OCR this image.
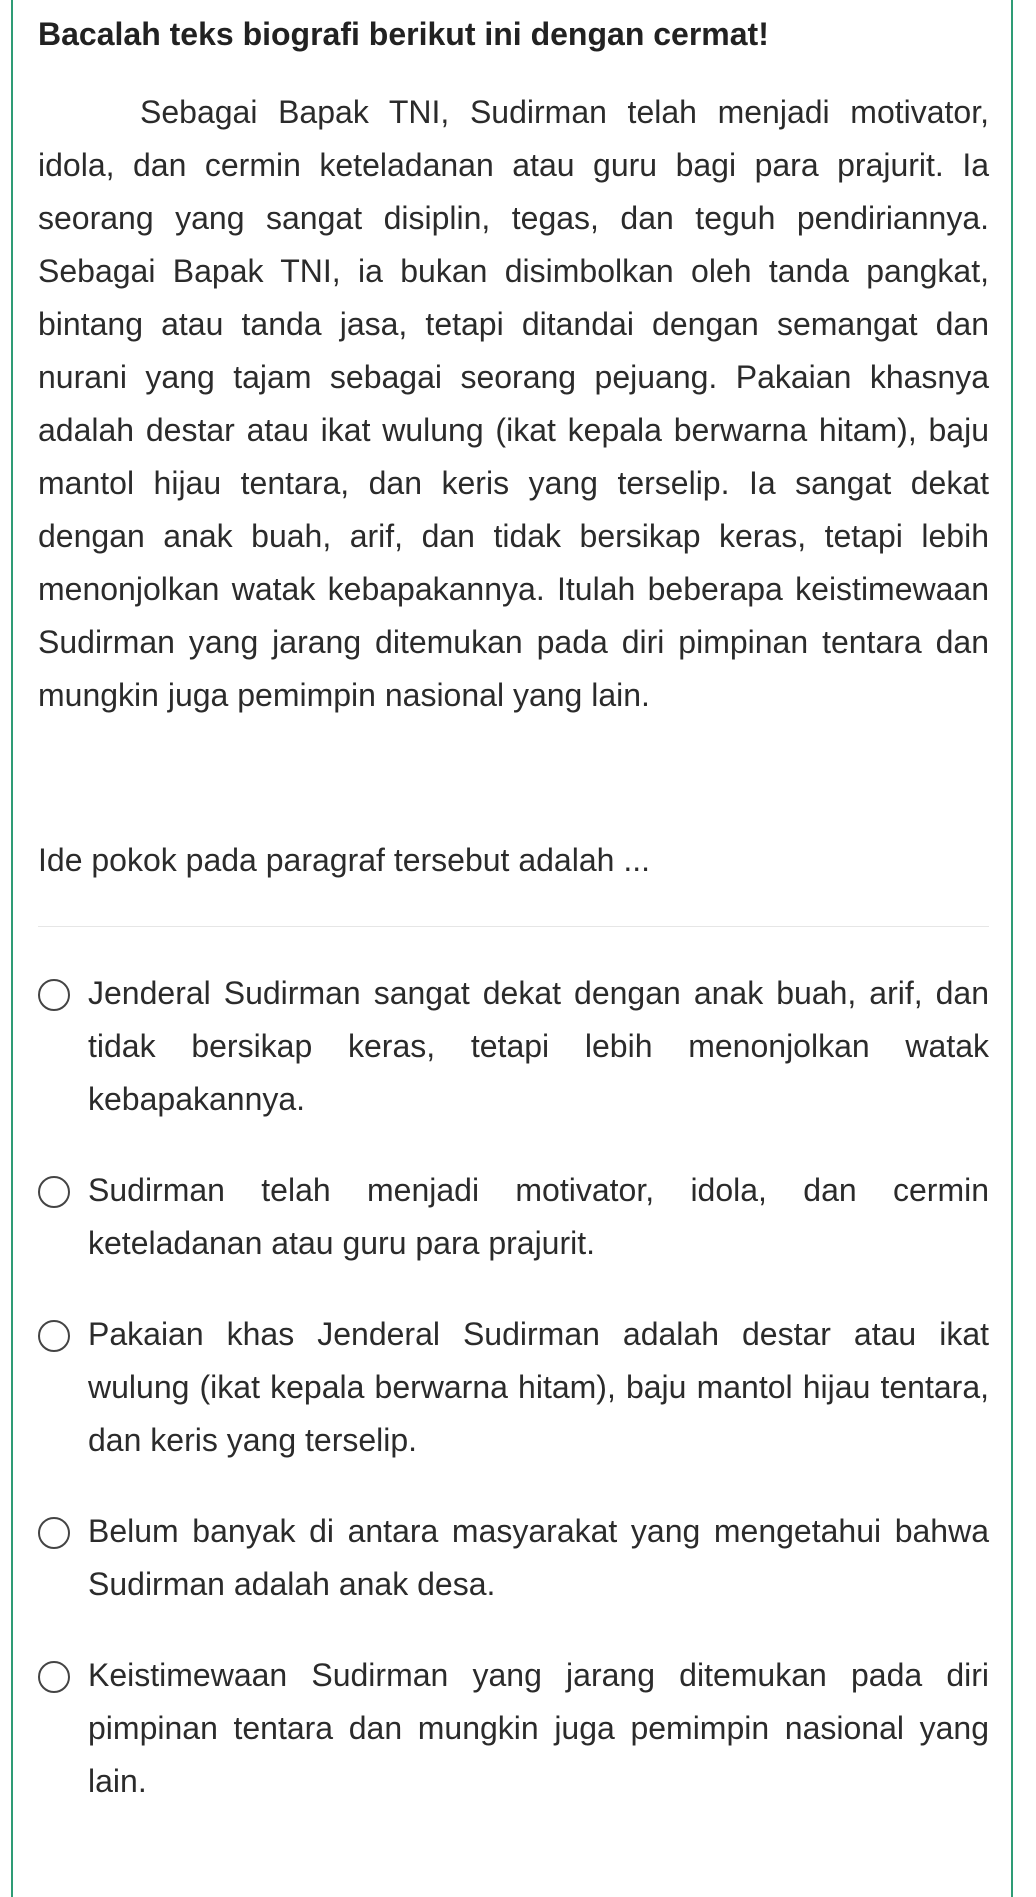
Bacalah teks biografi berikut ini dengan cermat!

Sebagai Bapak TNI, Sudirman telah menjadi motivator, idola, dan cermin keteladanan atau guru bagi para prajurit. Ia seorang yang sangat disiplin, tegas, dan teguh pendiriannya. Sebagai Bapak TNI, ia bukan disimbolkan oleh tanda pangkat, bintang atau tanda jasa, tetapi ditandai dengan semangat dan nurani yang tajam sebagai seorang pejuang. Pakaian khasnya adalah destar atau ikat wulung (ikat kepala berwarna hitam), baju mantol hijau tentara, dan keris yang terselip. Ia sangat dekat dengan anak buah, arif, dan tidak bersikap keras, tetapi lebih menonjolkan watak kebapakannya. Itulah beberapa keistimewaan Sudirman yang jarang ditemukan pada diri pimpinan tentara dan mungkin juga pemimpin nasional yang lain.

Ide pokok pada paragraf tersebut adalah ...

Jenderal Sudirman sangat dekat dengan anak buah, arif, dan tidak bersikap keras, tetapi lebih menonjolkan watak kebapakannya.
Sudirman telah menjadi motivator, idola, dan cermin keteladanan atau guru para prajurit.
Pakaian khas Jenderal Sudirman adalah destar atau ikat wulung (ikat kepala berwarna hitam), baju mantol hijau tentara, dan keris yang terselip.
Belum banyak di antara masyarakat yang mengetahui bahwa Sudirman adalah anak desa.
Keistimewaan Sudirman yang jarang ditemukan pada diri pimpinan tentara dan mungkin juga pemimpin nasional yang lain.
